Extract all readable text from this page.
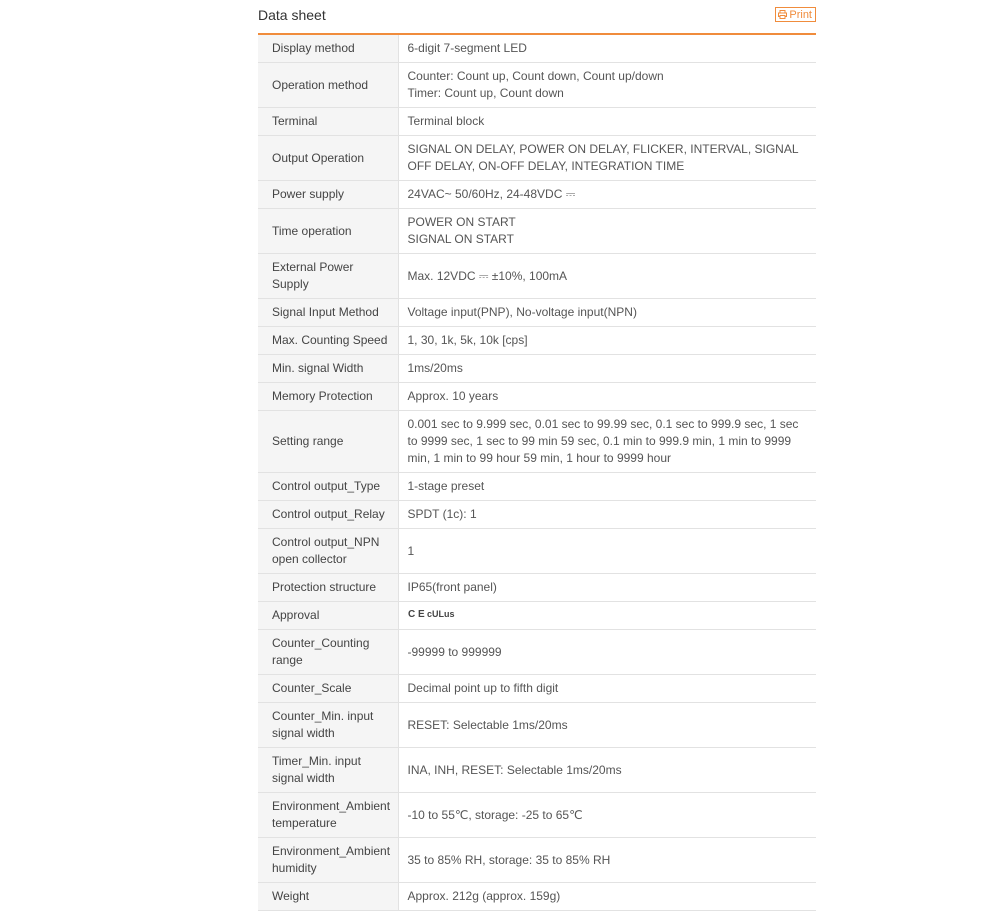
Data sheet	Print
Display method	6-digit 7-segment LED

Operation method	Counter: Count up, Count down, Count up/down
Timer: Count up, Count down

Terminal	Terminal block

Output Operation	SIGNAL ON DELAY, POWER ON DELAY, FLICKER, INTERVAL, SIGNAL OFF DELAY, ON-OFF DELAY, INTEGRATION TIME

Power supply	24VAC~ 50/60Hz, 24-48VDC ⎓

Time operation	POWER ON START
SIGNAL ON START

External Power Supply	Max. 12VDC ⎓ ±10%, 100mA

Signal Input Method	Voltage input(PNP), No-voltage input(NPN)

Max. Counting Speed	1, 30, 1k, 5k, 10k [cps]

Min. signal Width	1ms/20ms

Memory Protection	Approx. 10 years

Setting range	0.001 sec to 9.999 sec, 0.01 sec to 99.99 sec, 0.1 sec to 999.9 sec, 1 sec to 9999 sec, 1 sec to 99 min 59 sec, 0.1 min to 999.9 min, 1 min to 9999 min, 1 min to 99 hour 59 min, 1 hour to 9999 hour

Control output_Type	1-stage preset

Control output_Relay	SPDT (1c): 1

Control output_NPN open collector	1

Protection structure	IP65(front panel)

Approval	C E cULus

Counter_Counting range	-99999 to 999999

Counter_Scale	Decimal point up to fifth digit

Counter_Min. input signal width	RESET: Selectable 1ms/20ms

Timer_Min. input signal width	INA, INH, RESET: Selectable 1ms/20ms

Environment_Ambient temperature	-10 to 55℃, storage: -25 to 65℃

Environment_Ambient humidity	35 to 85% RH, storage: 35 to 85% RH

Weight	Approx. 212g (approx. 159g)
